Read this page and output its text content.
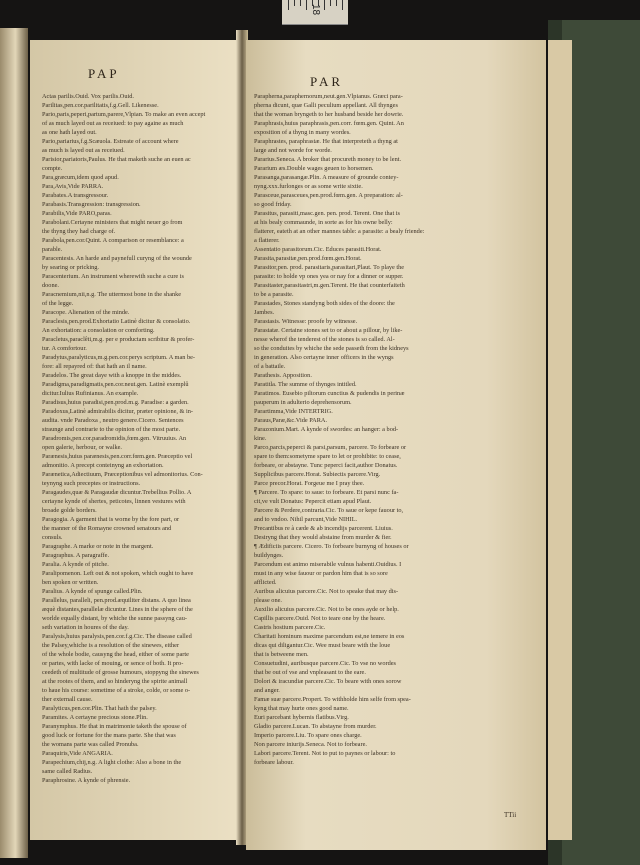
18
PAP
PAR
Actas parilis.Ouid. Vox parilis.Ouid.
Parilitas,pen.cor.parilitatis,f.g.Gell. Likenesse.
Pario,paris,peperi,partum,parere,Vlpian. To make an even accept
of as much layed out as receiued: to pay againe as much
as one hath layed out.
Pario,pariarius,f.g.Scæuola. Estreate of account where
as much is layed out as receiued.
Parisior,pariatoris,Paulus. He that maketh suche an euen ac
compte.
Para,græcum,idem quod apud.
Para,Avis,Vide PARRA.
Parabates.A transgressour.
Parabasis.Transgression: transgression.
Parabilis,Vide PARO,paras.
Parabolani.Certayne ministers that might neuer go from
the thyng they had charge of.
Parabola,pen.cor.Quint. A comparison or resemblance: a
parable.
Paracentesis. An harde and paynefull curyng of the wounde
by searing or pricking.
Paracenterium. An instrument wherewith suche a cure is
doone.
Paracnemium,nii,n.g. The uttermost bone in the shanke
of the legge.
Paracope. Alienation of the minde.
Paraclesis,pen.prod.Exhortatio Latinè dicitur & consolatio.
An exhortation: a consolation or comforting.
Paracletus,paraclêti,m.g. per e productam scribitur & profer-
tur. A comfortour.
Paradytus,paralyticus,m.g.pen.cor.perys scriptum. A man be-
fore: all repayred of: that hath an il name.
Paradelos. The great daye with a knoppe in the middes.
Paradigma,paradigmatis,pen.cor.neut.gen. Latinè exemplû
dicitur.Iulius Rufinianus. An example.
Paradisus,huius paradisi,pen.prod.m.g. Paradise: a garden.
Paradoxus,Latinè admirabilis dicitur, præter opinione, & in-
audita. vnde Paradoxa , neutro genere.Cicero. Sentences
straunge and contrarie to the opinion of the most parte.
Paradromis,pen.cor.paradromidis,fœm.gen. Vitruuius. An
open galerie, herbour, or walke.
Parænesis,huius parænesis,pen.corr.fœm.gen. Præceptio vel
admonitio. A precept conteinyng an exhortation.
Parænetica,Adiectiuum, Præceptionibus vel admonitorius. Con-
teynyng such preceptes or instructions.
Paragaudes,quæ & Paragaudæ dicuntur.Trebellius Pollio. A
certayne kynde of shertes, peticotes, linnen vestures with
broade golde borders.
Paragogia. A garment that is worne by the fore part, or
the manner of the Romayne crowned senatours and
consuls.
Paragraphe. A marke or note in the margent.
Paragraphus. A paragraffe.
Paralia. A kynde of pitche.
Paralipomenon. Left out & not spoken, which ought to have
ben spoken or written.
Paralius. A kynde of spunge called.Plin.
Parallelus, paralleli, pen.prod.æquiliter distans. A quo linea
æquè distantes,parallelæ dicuntur. Lines in the sphere of the
worlde equally distant, by whiche the sunne passyng cau-
seth variation in houres of the day.
Paralysis,huius paralysis,pen.cor.f.g.Cic. The disease called
the Palsey,whiche is a resolution of the sinewes, either
of the whole bodie, causyng the head, either of some parte
or partes, with lacke of mouing, or sence of both. It pro-
ceedeth of multitude of grosse humours, stoppyng the sinewes
at the rootes of them, and so hinderyng the spirite animall
to haue his course: sometime of a stroke, colde, or some o-
ther externall cause.
Paralyticus,pen.cor.Plin. That hath the palsey.
Paramites. A certayne precious stone.Plin.
Paranymphus. He that in matrimonie taketh the spouse of
good luck or fortune for the mans parte. She that was
the womans parte was called Pronuba.
Paraquiris,Vide ANGARIA.
Parapechium,chij,n.g. A light clothe: Also a bone in the
same called Radius.
Paraphrosine. A kynde of phrensie.
Parapherna,paraphernorum,neut.gen.Vlpianus. Græci para-
pherna dicunt, quæ Galli peculium appellant. All thynges
that the woman bryngeth to her husband beside her dowrie.
Paraphrasis,huius paraphrasis,pen.corr. fœm.gen. Quint. An
exposition of a thyng in many wordes.
Paraphrastes, paraphrastæ. He that interpreteth a thyng at
large and not worde for worde.
Pararius.Seneca. A broker that procureth money to be lent.
Pararium æs.Double wages geuen to horsemen.
Parasanga,parasangæ.Plin. A measure of grounde contey-
nyng.xxx.furlonges or as some write sixtie.
Parasceue,parasceues,pen.prod.fœm.gen. A preparation: al-
so good friday.
Parasitus, parasiti,masc.gen. pen. prod. Terent. One that is
at his bealy commaunde, in sorte as for his owne belly:
flatterer, eateth at an other mannes table: a parasite: a bealy friende:
a flatterer.
Assentatio parasitorum.Cic. Educes parasiti.Horat.
Parasita,parasitæ,pen.prod.fœm.gen.Horat.
Parasitor,pen. prod. parasitaris,parasitari,Plaut. To playe the
parasite: to holde vp ones yea or nay for a dinner or supper.
Parasitaster,parasitastri,m.gen.Terent. He that counterfaiteth
to be a parasite.
Parastades, Stones standyng both sides of the doore: the
Jambes.
Parastasis. Witnesse: proofe by witnesse.
Parastatæ. Certaine stones set to or about a pillour, by like-
nesse wherof the tenderest of the stones is so called. Al-
so the conduites by whiche the sede passeth from the kidneys
in generation. Also certayne inner officers in the wyngs
of a battaile.
Parathesis. Apposition.
Paratitla. The summe of thynges intitled.
Paratimos. Eusebio piltorum cunctius & pudendis in perinæ
pauperum in adulterio deprehensorum.
Parartimma,Vide INTERTRIG.
Paraus,Paræ,&c.Vide PARA.
Parazonium.Mart. A kynde of swordes: an hanger: a bod-
kine.
Parco,parcis,peperci & parsi,parsum, parcere. To forbeare or
spare to them:sometyme spare to let or prohibite: to cease,
forbeare, or abstayne. Tunc peperci facit,author Donatus.
Supplicibus parcere.Horat. Subiectis parcere.Virg.
Parce precor.Horat. Forgeue me I pray thee.
¶ Parcere. To spare: to saue: to forbeare. Et parsi nunc fa-
cit,ve vult Donatus: Pepercit etiam apud Plaut.
Parcere & Perdere,contraria.Cic. To saue or kepe fauour to,
and to vndoo. Nihil parcunt,Vide NIHIL.
Precantibus re à cæde & ab incendijs parcerent. Liuius.
Desiryng that they would abstaine from murder & fier.
¶ Ædificiis parcere. Cicero. To forbeare burnyng of houses or
buildynges.
Parcendum est animo miserabile vulnus habenti.Ouidius. I
must in any wise fauour or pardon him that is so sore
afflicted.
Auribus alicuius parcere.Cic. Not to speake that may dis-
please one.
Auxilio alicuius parcere.Cic. Not to be ones ayde or help.
Capillis parcere.Ouid. Not to teare one by the heare.
Castris hostium parcere.Cic.
Charitati hominum maxime parcendum est,ne temere in eos
dicas qui diligantur.Cic. Wee must beare with the loue
that is betweene men.
Consuetudini, auribusque parcere.Cic. To vse no wordes
that be out of vse and vnpleasant to the eare.
Dolori & iracundiæ parcere.Cic. To beare with ones sorow
and anger.
Famæ suæ parcere.Propert. To withholde him selfe from spea-
kyng that may hurte ones good name.
Euri parcebant hybernis flatibus.Virg.
Gladio parcere.Lucan. To abstayne from murder.
Imperio parcere.Liu. To spare ones charge.
Non parcere iniurijs.Seneca. Not to forbeare.
Labori parcere.Terent. Not to put to paynes or labour: to
forbeare labour.
TTii
